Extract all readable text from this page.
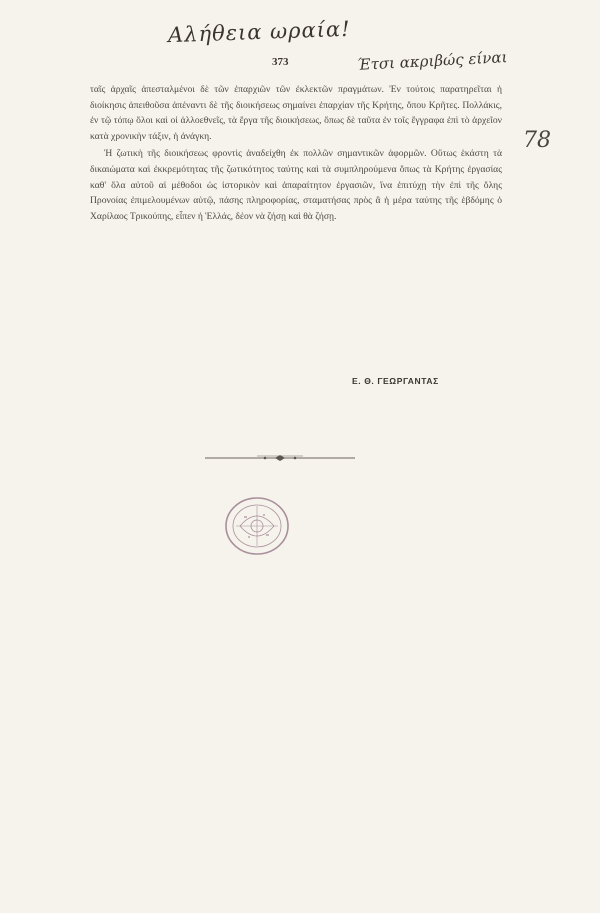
Αλήθεια ωραία!
373	Έτσι ακριβώς είναι
78

ταῖς ἀρχαῖς ἀπεσταλμένοι δὲ τῶν ἐπαρχιῶν τῶν ἐκλεκτῶν πραγμάτων. Ἐν τούτοις παρατηρεῖται ἡ διοίκησις ἀπειθοῦσα ἀπέναντι δὲ τῆς διοικήσεως σημαίνει ἐπαρχίαν τῆς Κρήτης, ὅπου Κρῆτες. Πολλάκις, ἐν τῷ τόπῳ ὅλοι καὶ οἱ ἀλλοεθνεῖς, τὰ ἔργα τῆς διοικήσεως, ὅπως δὲ ταῦτα ἐν τοῖς ἔγγραφα ἐπὶ τὸ ἀρχεῖον κατὰ χρονικὴν τάξιν, ἡ ἀνάγκη.

Ἡ ζωτικὴ τῆς διοικήσεως φροντὶς ἀναδείχθη ἐκ πολλῶν σημαντικῶν ἀφορμῶν. Οὕτως ἑκάστη τὰ δικαιώματα καὶ ἐκκρεμότητας τῆς ζωτικότητος ταύτης καὶ τὰ συμπληρούμενα ὅπως τὰ Κρήτης ἐργασίας καθ' ὅλα αὐτοῦ αἱ μέθοδοι ὡς ἱστορικὸν καὶ ἀπαραίτητον ἐργασιῶν, ἵνα ἐπιτύχῃ τὴν ἐπὶ τῆς ὅλης Προνοίας ἐπιμελουμένων αὐτῷ, πάσης πληροφορίας, σταματήσας πρὸς ἃ ἡ μέρα ταύτης τῆς ἑβδόμης ὁ Χαρίλαος Τρικούπης, εἶπεν ἡ Ἑλλάς, δέον νὰ ζήσῃ καὶ θὰ ζήσῃ.

Ε. Θ. ΓΕΩΡΓΑΝΤΑΣ
